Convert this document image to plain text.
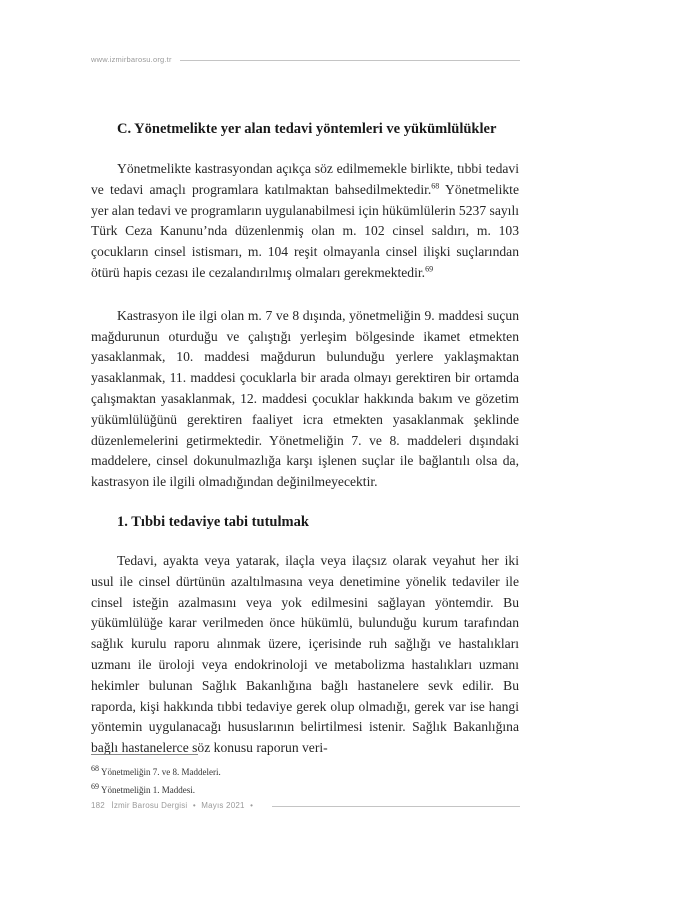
www.izmirbarosu.org.tr
C. Yönetmelikte yer alan tedavi yöntemleri ve yükümlülükler

Yönetmelikte kastrasyondan açıkça söz edilmemekle birlikte, tıbbi tedavi ve tedavi amaçlı programlara katılmaktan bahsedilmektedir.$^{68}$ Yönetmelikte yer alan tedavi ve programların uygulanabilmesi için hükümlülerin 5237 sayılı Türk Ceza Kanunu’nda düzenlenmiş olan m. 102 cinsel saldırı, m. 103 çocukların cinsel istismarı, m. 104 reşit olmayanla cinsel ilişki suçlarından ötürü hapis cezası ile cezalandırılmış olmaları gerekmektedir.$^{69}$

Kastrasyon ile ilgi olan m. 7 ve 8 dışında, yönetmeliğin 9. maddesi suçun mağdurunun oturduğu ve çalıştığı yerleşim bölgesinde ikamet etmekten yasaklanmak, 10. maddesi mağdurun bulunduğu yerlere yaklaşmaktan yasaklanmak, 11. maddesi çocuklarla bir arada olmayı gerektiren bir ortamda çalışmaktan yasaklanmak, 12. maddesi çocuklar hakkında bakım ve gözetim yükümlülüğünü gerektiren faaliyet icra etmekten yasaklanmak şeklinde düzenlemelerini getirmektedir. Yönetmeliğin 7. ve 8. maddeleri dışındaki maddelere, cinsel dokunulmazlığa karşı işlenen suçlar ile bağlantılı olsa da, kastrasyon ile ilgili olmadığından değinilmeyecektir.

1. Tıbbi tedaviye tabi tutulmak

Tedavi, ayakta veya yatarak, ilaçla veya ilaçsız olarak veyahut her iki usul ile cinsel dürtünün azaltılmasına veya denetimine yönelik tedaviler ile cinsel isteğin azalmasını veya yok edilmesini sağlayan yöntemdir. Bu yükümlülüğe karar verilmeden önce hükümlü, bulunduğu kurum tarafından sağlık kurulu raporu alınmak üzere, içerisinde ruh sağlığı ve hastalıkları uzmanı ile üroloji veya endokrinoloji ve metabolizma hastalıkları uzmanı hekimler bulunan Sağlık Bakanlığına bağlı hastanelere sevk edilir. Bu raporda, kişi hakkında tıbbi tedaviye gerek olup olmadığı, gerek var ise hangi yöntemin uygulanacağı hususlarının belirtilmesi istenir. Sağlık Bakanlığına bağlı hastanelerce söz konusu raporun veri-

68 Yönetmeliğin 7. ve 8. Maddeleri.
69 Yönetmeliğin 1. Maddesi.
182 İzmir Barosu Dergisi • Mayıs 2021 •
